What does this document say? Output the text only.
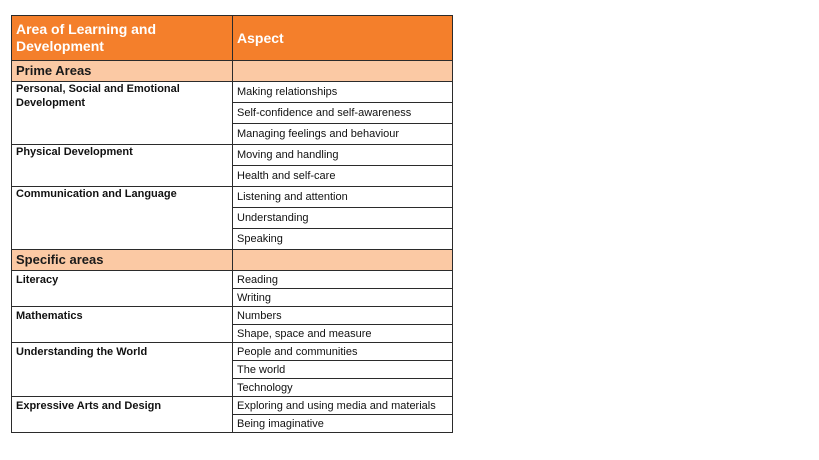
Area of Learning and Development	Aspect
Prime Areas	
Personal, Social and Emotional Development	Making relationships
	Self-confidence and self-awareness
	Managing feelings and behaviour
Physical Development	Moving and handling
	Health and self-care
Communication and Language	Listening and attention
	Understanding
	Speaking
Specific areas	
Literacy	Reading
	Writing
Mathematics	Numbers
	Shape, space and measure
Understanding the World	People and communities
	The world
	Technology
Expressive Arts and Design	Exploring and using media and materials
	Being imaginative
